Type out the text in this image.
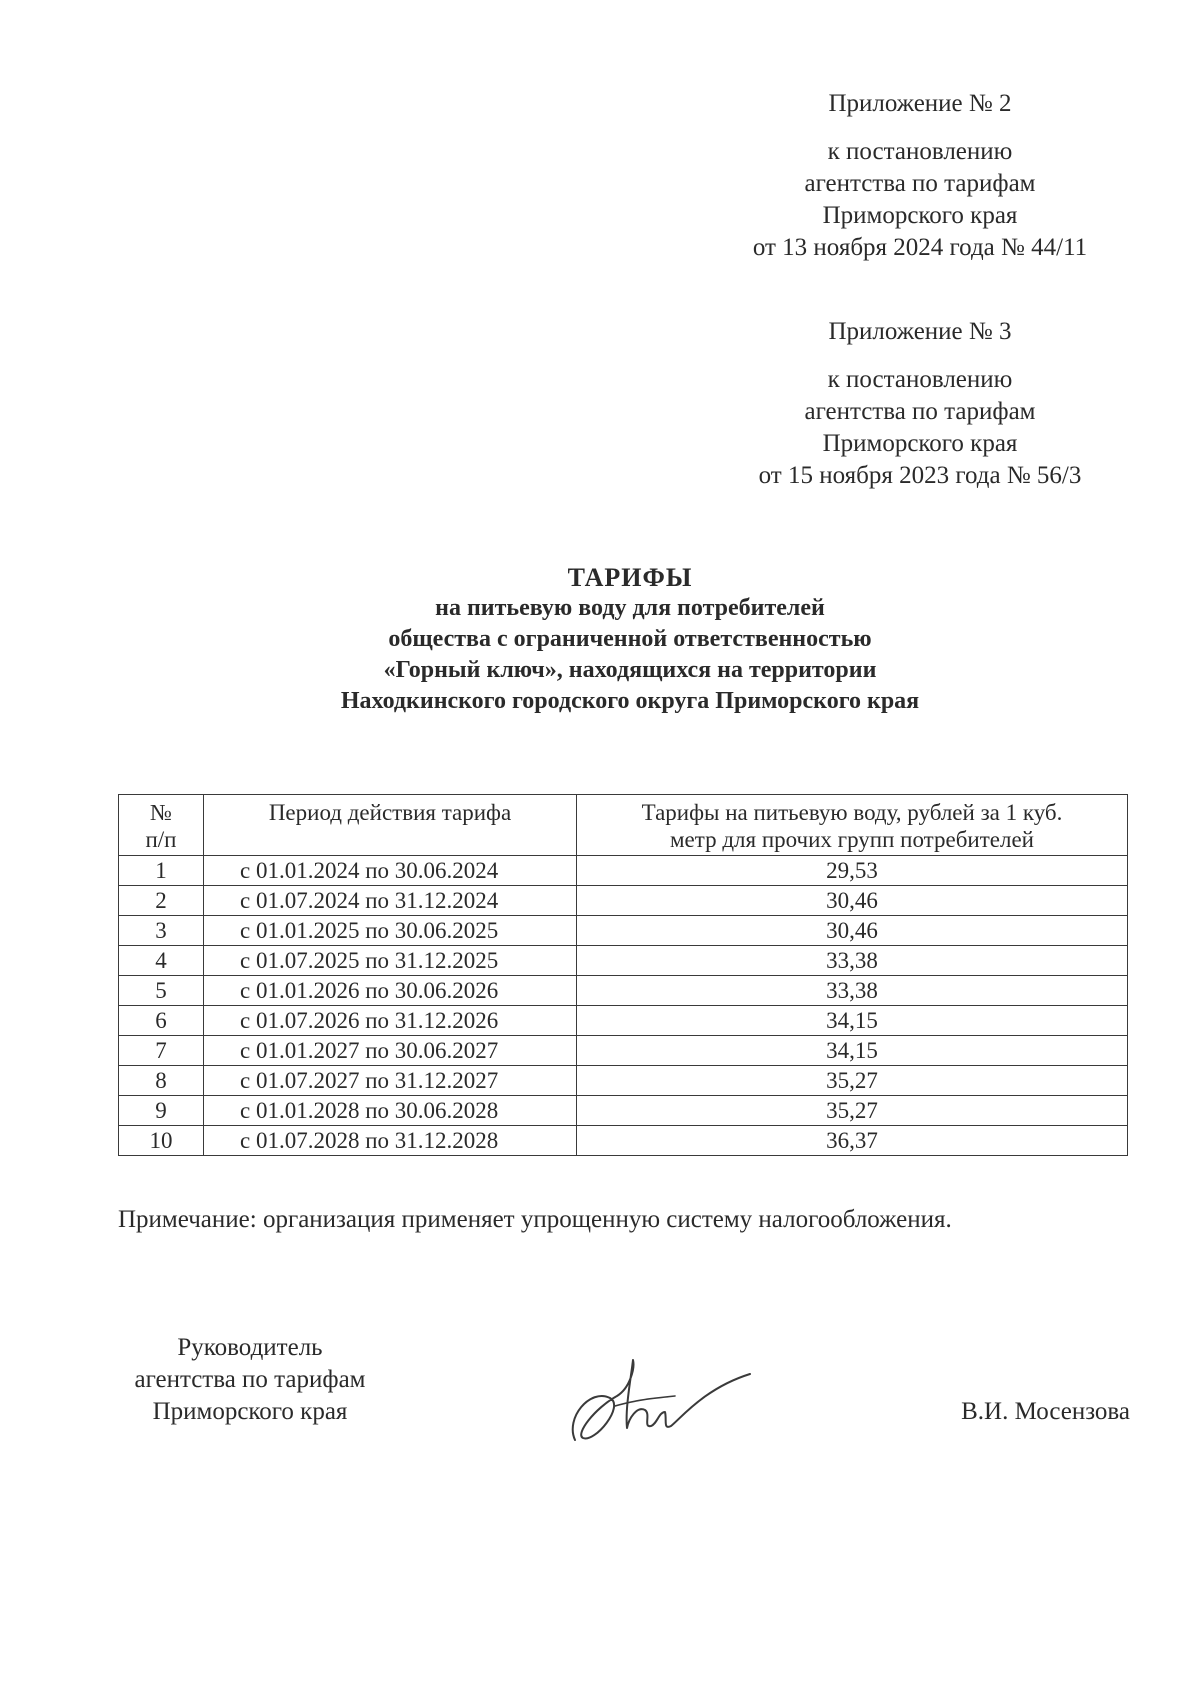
Приложение № 2

к постановлению

агентства по тарифам

Приморского края

от 13 ноября 2024 года № 44/11

Приложение № 3

к постановлению

агентства по тарифам

Приморского края

от 15 ноября 2023 года № 56/3

ТАРИФЫ

на питьевую воду для потребителей

общества с ограниченной ответственностью

«Горный ключ», находящихся на территории

Находкинского городского округа Приморского края

№
п/п	Период действия тарифа	Тарифы на питьевую воду, рублей за 1 куб.
метр для прочих групп потребителей
1	с 01.01.2024 по 30.06.2024	29,53
2	с 01.07.2024 по 31.12.2024	30,46
3	с 01.01.2025 по 30.06.2025	30,46
4	с 01.07.2025 по 31.12.2025	33,38
5	с 01.01.2026 по 30.06.2026	33,38
6	с 01.07.2026 по 31.12.2026	34,15
7	с 01.01.2027 по 30.06.2027	34,15
8	с 01.07.2027 по 31.12.2027	35,27
9	с 01.01.2028 по 30.06.2028	35,27
10	с 01.07.2028 по 31.12.2028	36,37
Примечание: организация применяет упрощенную систему налогообложения.

Руководитель

агентства по тарифам

Приморского края	В.И. Мосензова
